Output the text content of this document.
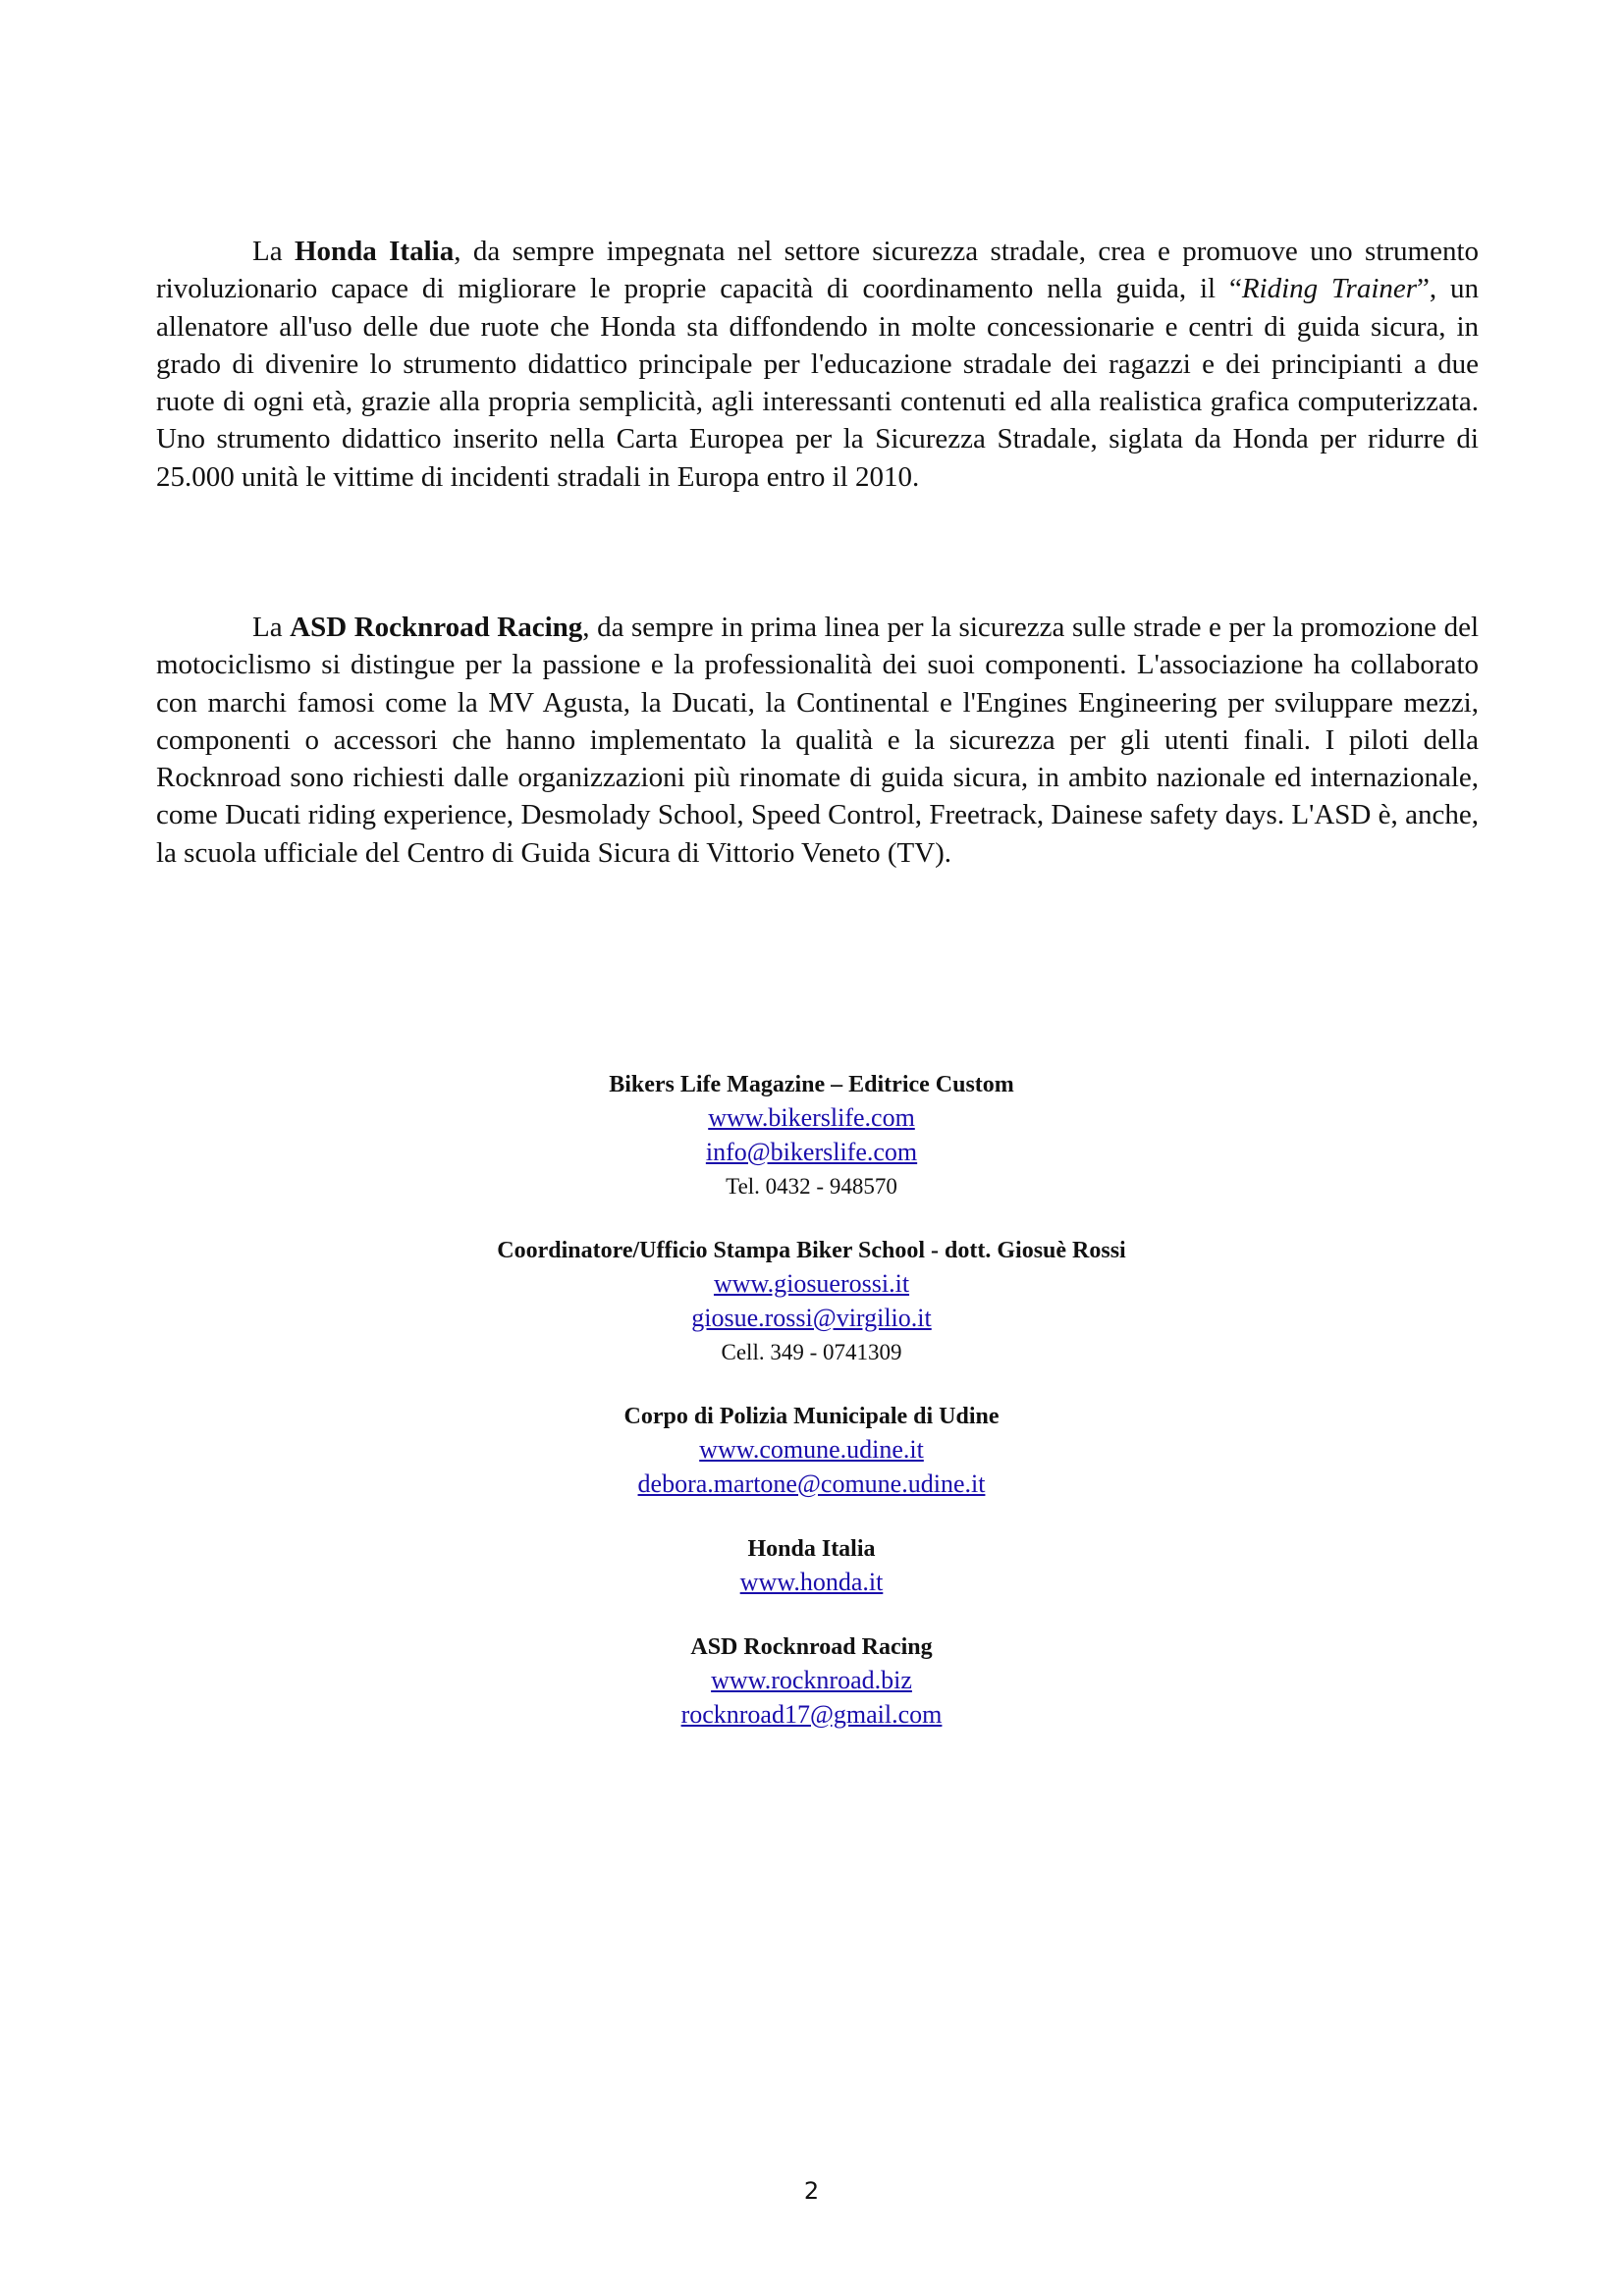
La Honda Italia, da sempre impegnata nel settore sicurezza stradale, crea e promuove uno strumento rivoluzionario capace di migliorare le proprie capacità di coordinamento nella guida, il “Riding Trainer”, un allenatore all'uso delle due ruote che Honda sta diffondendo in molte concessionarie e centri di guida sicura, in grado di divenire lo strumento didattico principale per l'educazione stradale dei ragazzi e dei principianti a due ruote di ogni età, grazie alla propria semplicità, agli interessanti contenuti ed alla realistica grafica computerizzata. Uno strumento didattico inserito nella Carta Europea per la Sicurezza Stradale, siglata da Honda per ridurre di 25.000 unità le vittime di incidenti stradali in Europa entro il 2010.

La ASD Rocknroad Racing, da sempre in prima linea per la sicurezza sulle strade e per la promozione del motociclismo si distingue per la passione e la professionalità dei suoi componenti. L'associazione ha collaborato con marchi famosi come la MV Agusta, la Ducati, la Continental e l'Engines Engineering per sviluppare mezzi, componenti o accessori che hanno implementato la qualità e la sicurezza per gli utenti finali. I piloti della Rocknroad sono richiesti dalle organizzazioni più rinomate di guida sicura, in ambito nazionale ed internazionale, come Ducati riding experience, Desmolady School, Speed Control, Freetrack, Dainese safety days. L'ASD è, anche, la scuola ufficiale del Centro di Guida Sicura di Vittorio Veneto (TV).

Bikers Life Magazine – Editrice Custom
www.bikerslife.com
info@bikerslife.com
Tel. 0432 - 948570
Coordinatore/Ufficio Stampa Biker School - dott. Giosuè Rossi
www.giosuerossi.it
giosue.rossi@virgilio.it
Cell. 349 - 0741309
Corpo di Polizia Municipale di Udine
www.comune.udine.it
debora.martone@comune.udine.it
Honda Italia
www.honda.it
ASD Rocknroad Racing
www.rocknroad.biz
rocknroad17@gmail.com
2
